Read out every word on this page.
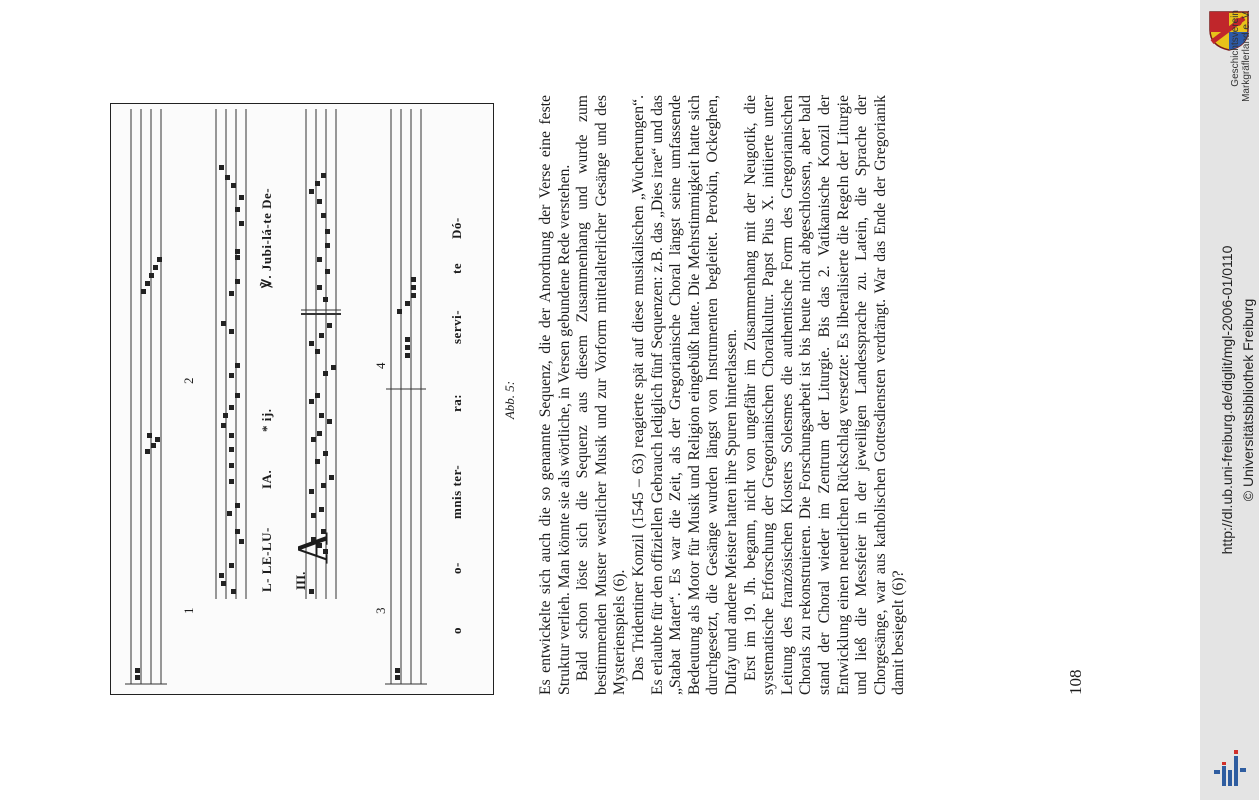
III.
A
1
2
3
4
L- LE-LU-
IA.
* ij.
℣. Jubi-lá-te De-
o
o-
mnis ter-
ra:
servi-
te
Dó-
Abb. 5: Es entwickelte sich auch die so genannte Sequenz, die der Anordnung der Verse eine feste Struktur verlieh. Man könnte sie als wörtliche, in Versen gebundene Rede verstehen. Bald schon löste sich die Sequenz aus diesem Zusammenhang und wurde zum bestimmenden Muster westlicher Musik und zur Vorform mittelalterlicher Gesänge und des Mysterienspiels (6). Das Tridentiner Konzil (1545 – 63) reagierte spät auf diese musikalischen „Wucherungen“. Es erlaubte für den offiziellen Gebrauch lediglich fünf Sequenzen: z.B. das „Dies irae“ und das „Stabat Mater“. Es war die Zeit, als der Gregorianische Choral längst seine umfassende Bedeutung als Motor für Musik und Religion eingebüßt hatte. Die Mehrstimmigkeit hatte sich durchgesetzt, die Gesänge wurden längst von Instrumenten begleitet. Perokin, Ockeghen, Dufay und andere Meister hatten ihre Spuren hinterlassen. Erst im 19. Jh. begann, nicht von ungefähr im Zusammenhang mit der Neugotik, die systematische Erforschung der Gregorianischen Choralkultur. Papst Pius X. initiierte unter Leitung des französischen Klosters Solesmes die authentische Form des Gregorianischen Chorals zu rekonstruieren. Die Forschungsarbeit ist bis heute nicht abgeschlossen, aber bald stand der Choral wieder im Zentrum der Liturgie. Bis das 2. Vatikanische Konzil der Entwicklung einen neuerlichen Rückschlag versetzte: Es liberalisierte die Regeln der Liturgie und ließ die Messfeier in der jeweiligen Landessprache zu. Latein, die Sprache der Chorgesänge, war aus katholischen Gottesdiensten verdrängt. War das Ende der Gregorianik damit besiegelt (6)?	108
Geschichtsverein Markgräflerland e. V.
http://dl.ub.uni-freiburg.de/diglit/mgl-2006-01/0110 © Universitätsbibliothek Freiburg
